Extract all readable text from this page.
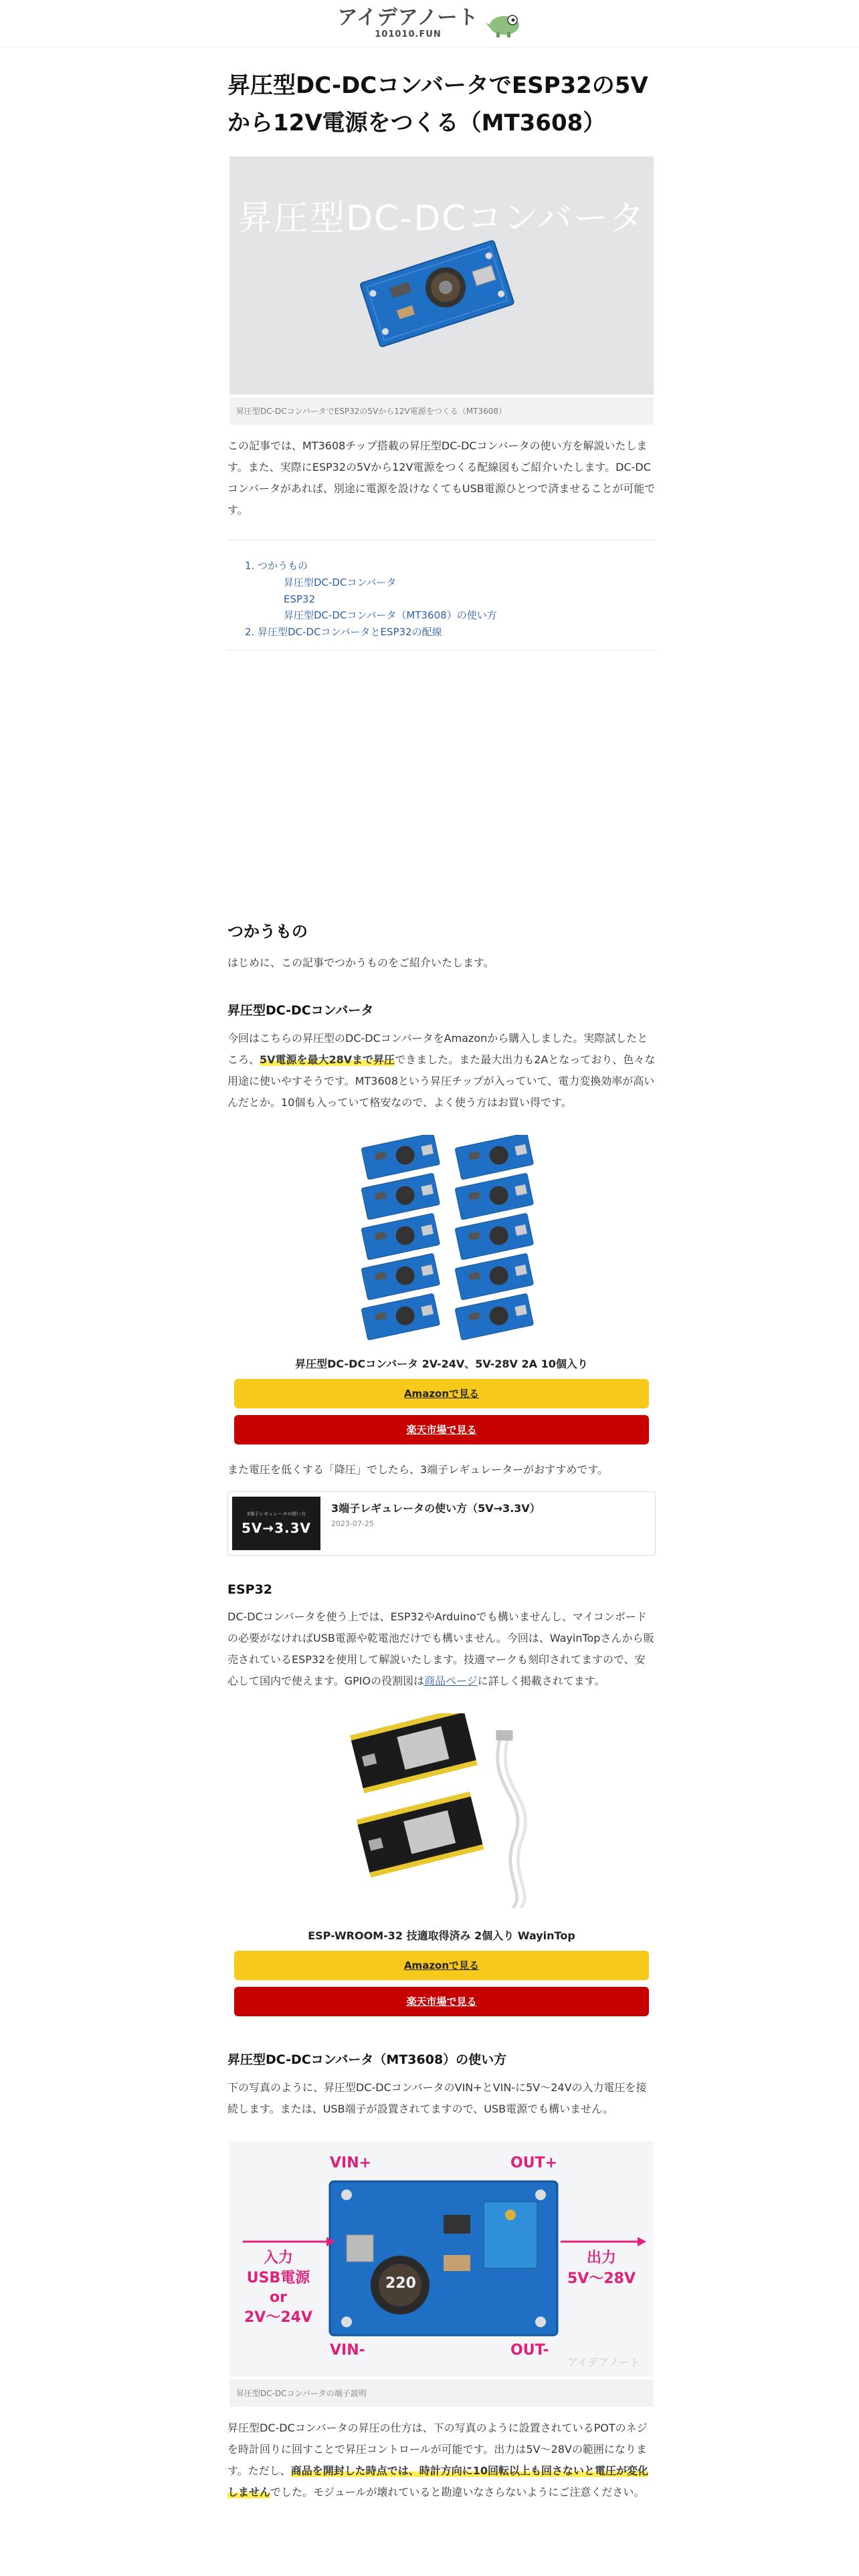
アイデアノート
101010.FUN
昇圧型DC-DCコンバータでESP32の5Vから12V電源をつくる（MT3608）
昇圧型DC-DCコンバータ
昇圧型DC-DCコンバータでESP32の5Vから12V電源をつくる（MT3608）

この記事では、MT3608チップ搭載の昇圧型DC-DCコンバータの使い方を解説いたします。また、実際にESP32の5Vから12V電源をつくる配線図もご紹介いたします。DC-DCコンバータがあれば、別途に電源を設けなくてもUSB電源ひとつで済ませることが可能です。

1. つかうもの
昇圧型DC-DCコンバータ
ESP32
昇圧型DC-DCコンバータ（MT3608）の使い方
2. 昇圧型DC-DCコンバータとESP32の配線
つかうもの

はじめに、この記事でつかうものをご紹介いたします。

昇圧型DC-DCコンバータ

今回はこちらの昇圧型のDC-DCコンバータをAmazonから購入しました。実際試したところ、5V電源を最大28Vまで昇圧できました。また最大出力も2Aとなっており、色々な用途に使いやすそうです。MT3608という昇圧チップが入っていて、電力変換効率が高いんだとか。10個も入っていて格安なので、よく使う方はお買い得です。

昇圧型DC-DCコンバータ 2V-24V、5V-28V 2A 10個入り
Amazonで見る
楽天市場で見る

また電圧を低くする「降圧」でしたら、3端子レギュレーターがおすすめです。

3端子レギュレータの使い方
5V→3.3V
3端子レギュレータの使い方（5V→3.3V）
2023-07-25
ESP32

DC-DCコンバータを使う上では、ESP32やArduinoでも構いませんし、マイコンボードの必要がなければUSB電源や乾電池だけでも構いません。今回は、WayinTopさんから販売されているESP32を使用して解説いたします。技適マークも刻印されてますので、安心して国内で使えます。GPIOの役割図は商品ページに詳しく掲載されてます。

ESP-WROOM-32 技適取得済み 2個入り WayinTop
Amazonで見る
楽天市場で見る
昇圧型DC-DCコンバータ（MT3608）の使い方

下の写真のように、昇圧型DC-DCコンバータのVIN+とVIN-に5V～24Vの入力電圧を接続します。または、USB端子が設置されてますので、USB電源でも構いません。

VIN+
VIN-
OUT+
OUT-
入力
USB電源
or
2V～24V
出力
5V～28V
220
アイデアノート
昇圧型DC-DCコンバータの端子説明

昇圧型DC-DCコンバータの昇圧の仕方は、下の写真のように設置されているPOTのネジを時計回りに回すことで昇圧コントロールが可能です。出力は5V～28Vの範囲になります。ただし、商品を開封した時点では、時計方向に10回転以上も回さないと電圧が変化しませんでした。モジュールが壊れていると勘違いなさらないようにご注意ください。
